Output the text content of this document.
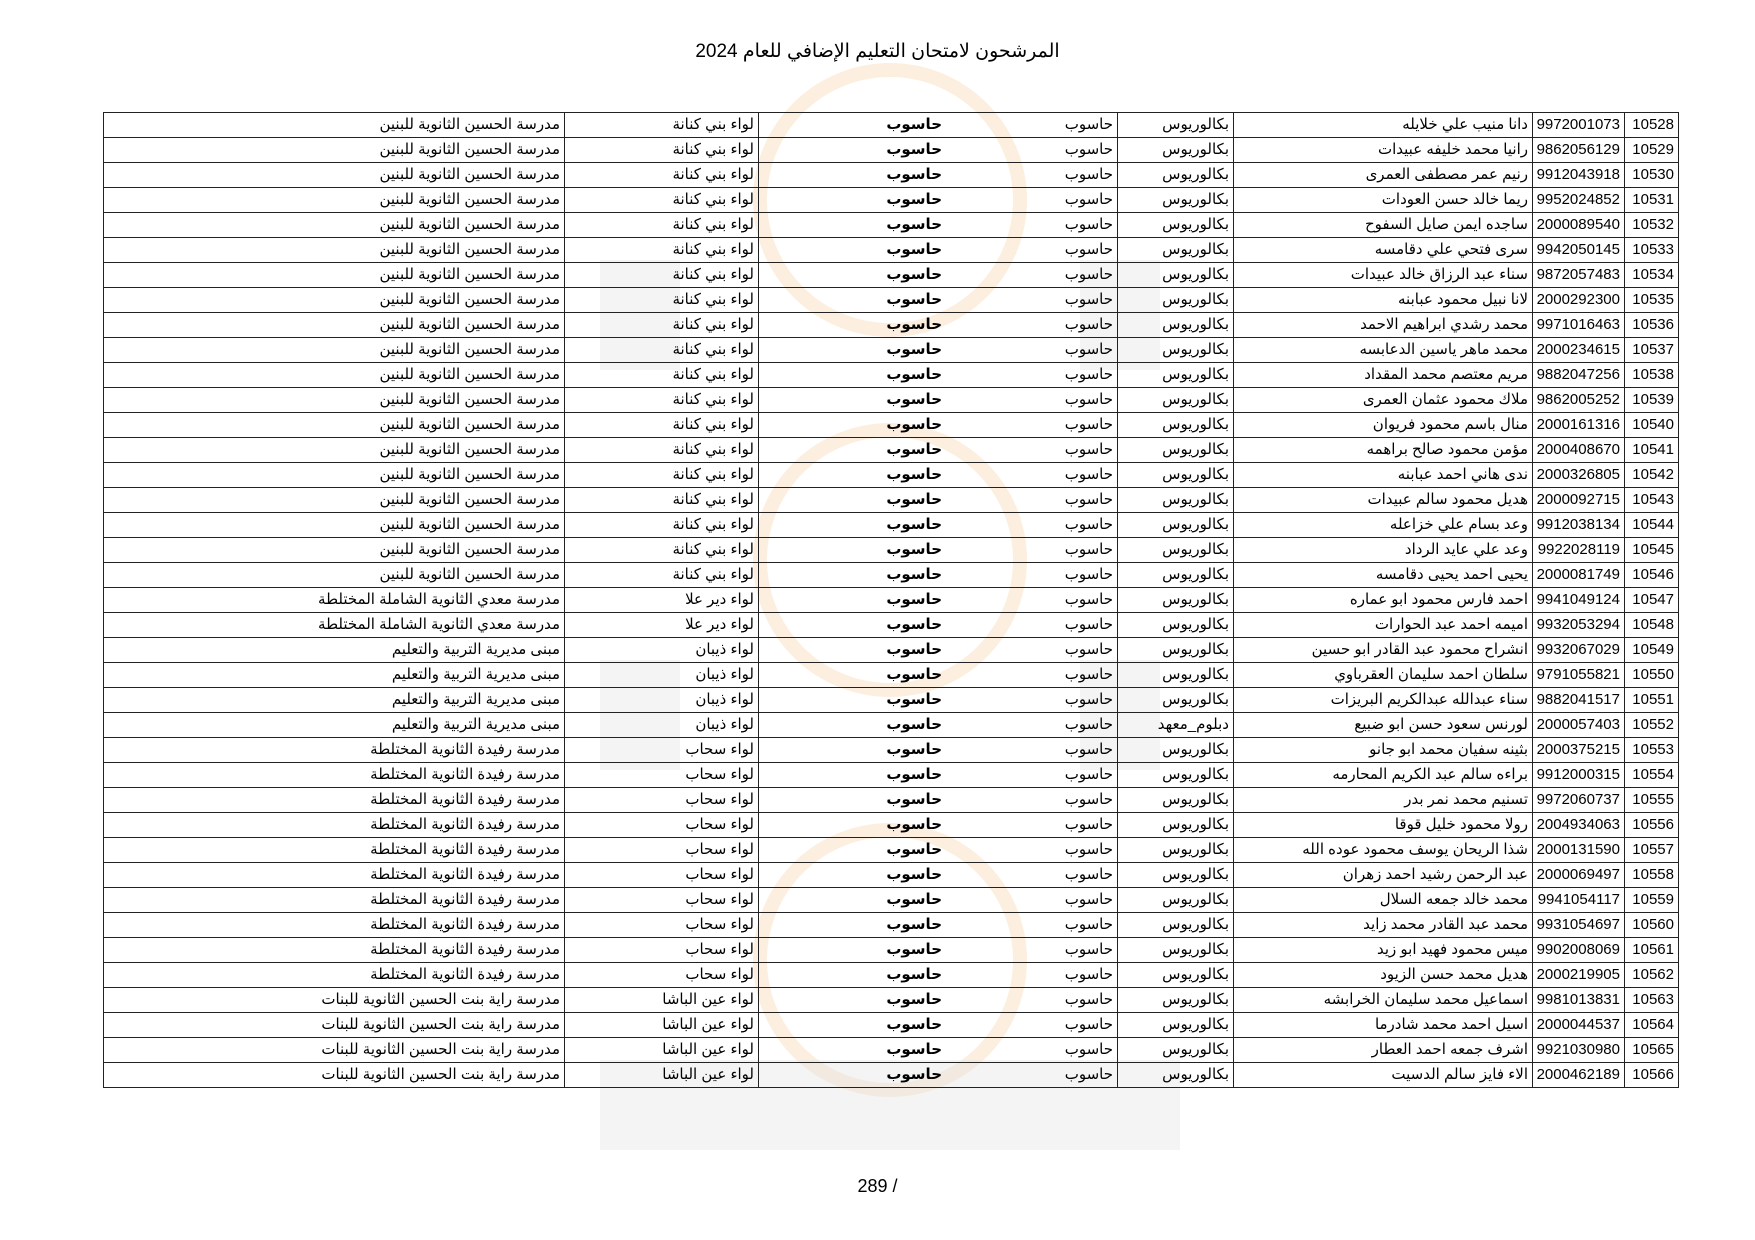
المرشحون لامتحان التعليم الإضافي للعام 2024
10528	9972001073	دانا منيب علي خلايله	بكالوريوس	حاسوب	حاسوب	لواء بني كنانة	مدرسة الحسين الثانوية للبنين
10529	9862056129	رانيا محمد خليفه عبيدات	بكالوريوس	حاسوب	حاسوب	لواء بني كنانة	مدرسة الحسين الثانوية للبنين
10530	9912043918	رنيم عمر مصطفى العمرى	بكالوريوس	حاسوب	حاسوب	لواء بني كنانة	مدرسة الحسين الثانوية للبنين
10531	9952024852	ريما خالد حسن العودات	بكالوريوس	حاسوب	حاسوب	لواء بني كنانة	مدرسة الحسين الثانوية للبنين
10532	2000089540	ساجده ايمن صايل السفوح	بكالوريوس	حاسوب	حاسوب	لواء بني كنانة	مدرسة الحسين الثانوية للبنين
10533	9942050145	سرى فتحي علي دقامسه	بكالوريوس	حاسوب	حاسوب	لواء بني كنانة	مدرسة الحسين الثانوية للبنين
10534	9872057483	سناء عبد الرزاق خالد عبيدات	بكالوريوس	حاسوب	حاسوب	لواء بني كنانة	مدرسة الحسين الثانوية للبنين
10535	2000292300	لانا نبيل محمود عبابنه	بكالوريوس	حاسوب	حاسوب	لواء بني كنانة	مدرسة الحسين الثانوية للبنين
10536	9971016463	محمد رشدي ابراهيم الاحمد	بكالوريوس	حاسوب	حاسوب	لواء بني كنانة	مدرسة الحسين الثانوية للبنين
10537	2000234615	محمد ماهر ياسين الدعابسه	بكالوريوس	حاسوب	حاسوب	لواء بني كنانة	مدرسة الحسين الثانوية للبنين
10538	9882047256	مريم معتصم محمد المقداد	بكالوريوس	حاسوب	حاسوب	لواء بني كنانة	مدرسة الحسين الثانوية للبنين
10539	9862005252	ملاك محمود عثمان العمرى	بكالوريوس	حاسوب	حاسوب	لواء بني كنانة	مدرسة الحسين الثانوية للبنين
10540	2000161316	منال باسم محمود فريوان	بكالوريوس	حاسوب	حاسوب	لواء بني كنانة	مدرسة الحسين الثانوية للبنين
10541	2000408670	مؤمن محمود صالح براهمه	بكالوريوس	حاسوب	حاسوب	لواء بني كنانة	مدرسة الحسين الثانوية للبنين
10542	2000326805	ندى هاني احمد عبابنه	بكالوريوس	حاسوب	حاسوب	لواء بني كنانة	مدرسة الحسين الثانوية للبنين
10543	2000092715	هديل محمود سالم عبيدات	بكالوريوس	حاسوب	حاسوب	لواء بني كنانة	مدرسة الحسين الثانوية للبنين
10544	9912038134	وعد بسام علي خزاعله	بكالوريوس	حاسوب	حاسوب	لواء بني كنانة	مدرسة الحسين الثانوية للبنين
10545	9922028119	وعد علي عايد الرداد	بكالوريوس	حاسوب	حاسوب	لواء بني كنانة	مدرسة الحسين الثانوية للبنين
10546	2000081749	يحيى احمد يحيى دقامسه	بكالوريوس	حاسوب	حاسوب	لواء بني كنانة	مدرسة الحسين الثانوية للبنين
10547	9941049124	احمد فارس محمود ابو عماره	بكالوريوس	حاسوب	حاسوب	لواء دير علا	مدرسة معدي الثانوية الشاملة المختلطة
10548	9932053294	اميمه احمد عبد الحوارات	بكالوريوس	حاسوب	حاسوب	لواء دير علا	مدرسة معدي الثانوية الشاملة المختلطة
10549	9932067029	انشراح محمود عبد القادر ابو حسين	بكالوريوس	حاسوب	حاسوب	لواء ذيبان	مبنى مديرية التربية والتعليم
10550	9791055821	سلطان احمد سليمان العقرباوي	بكالوريوس	حاسوب	حاسوب	لواء ذيبان	مبنى مديرية التربية والتعليم
10551	9882041517	سناء عبدالله عبدالكريم البريزات	بكالوريوس	حاسوب	حاسوب	لواء ذيبان	مبنى مديرية التربية والتعليم
10552	2000057403	لورنس سعود حسن ابو ضبيع	دبلوم_معهد	حاسوب	حاسوب	لواء ذيبان	مبنى مديرية التربية والتعليم
10553	2000375215	بثينه سفيان محمد ابو جانو	بكالوريوس	حاسوب	حاسوب	لواء سحاب	مدرسة رفيدة الثانوية المختلطة
10554	9912000315	براءه سالم عبد الكريم المحارمه	بكالوريوس	حاسوب	حاسوب	لواء سحاب	مدرسة رفيدة الثانوية المختلطة
10555	9972060737	تسنيم محمد نمر بدر	بكالوريوس	حاسوب	حاسوب	لواء سحاب	مدرسة رفيدة الثانوية المختلطة
10556	2004934063	رولا محمود خليل قوقا	بكالوريوس	حاسوب	حاسوب	لواء سحاب	مدرسة رفيدة الثانوية المختلطة
10557	2000131590	شذا الريحان يوسف محمود عوده الله	بكالوريوس	حاسوب	حاسوب	لواء سحاب	مدرسة رفيدة الثانوية المختلطة
10558	2000069497	عبد الرحمن رشيد احمد زهران	بكالوريوس	حاسوب	حاسوب	لواء سحاب	مدرسة رفيدة الثانوية المختلطة
10559	9941054117	محمد خالد جمعه السلال	بكالوريوس	حاسوب	حاسوب	لواء سحاب	مدرسة رفيدة الثانوية المختلطة
10560	9931054697	محمد عبد القادر محمد زايد	بكالوريوس	حاسوب	حاسوب	لواء سحاب	مدرسة رفيدة الثانوية المختلطة
10561	9902008069	ميس محمود فهيد ابو زيد	بكالوريوس	حاسوب	حاسوب	لواء سحاب	مدرسة رفيدة الثانوية المختلطة
10562	2000219905	هديل محمد حسن الزيود	بكالوريوس	حاسوب	حاسوب	لواء سحاب	مدرسة رفيدة الثانوية المختلطة
10563	9981013831	اسماعيل محمد سليمان الخرابشه	بكالوريوس	حاسوب	حاسوب	لواء عين الباشا	مدرسة راية بنت الحسين الثانوية للبنات
10564	2000044537	اسيل احمد محمد شادرما	بكالوريوس	حاسوب	حاسوب	لواء عين الباشا	مدرسة راية بنت الحسين الثانوية للبنات
10565	9921030980	اشرف جمعه احمد العطار	بكالوريوس	حاسوب	حاسوب	لواء عين الباشا	مدرسة راية بنت الحسين الثانوية للبنات
10566	2000462189	الاء فايز سالم الدسيت	بكالوريوس	حاسوب	حاسوب	لواء عين الباشا	مدرسة راية بنت الحسين الثانوية للبنات
289 /
